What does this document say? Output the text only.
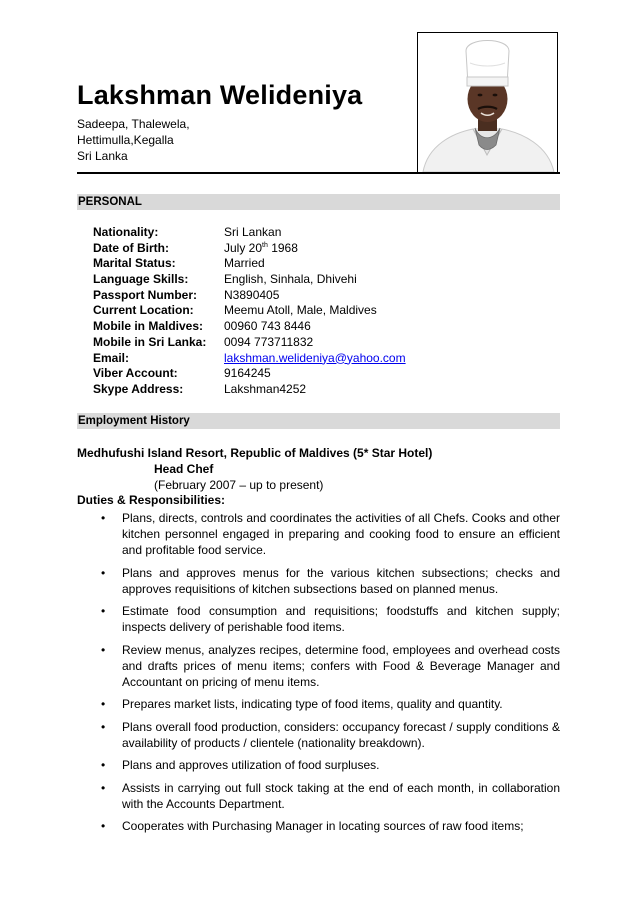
Lakshman Welideniya
Sadeepa, Thalewela,
Hettimulla,Kegalla
Sri Lanka
PERSONAL
Nationality:	Sri Lankan
Date of Birth:	July 20th 1968
Marital Status:	Married
Language Skills:	English, Sinhala, Dhivehi
Passport Number:	N3890405
Current Location:	Meemu Atoll, Male, Maldives
Mobile in Maldives:	00960 743 8446
Mobile in Sri Lanka:	0094 773711832
Email:	lakshman.welideniya@yahoo.com
Viber Account:	9164245
Skype Address:	Lakshman4252
Employment History
Medhufushi Island Resort, Republic of Maldives (5* Star Hotel)
Head Chef
(February 2007 – up to present)
Duties & Responsibilities:
• Plans, directs, controls and coordinates the activities of all Chefs. Cooks and other kitchen personnel engaged in preparing and cooking food to ensure an efficient and profitable food service.
• Plans and approves menus for the various kitchen subsections; checks and approves requisitions of kitchen subsections based on planned menus.
• Estimate food consumption and requisitions; foodstuffs and kitchen supply; inspects delivery of perishable food items.
• Review menus, analyzes recipes, determine food, employees and overhead costs and drafts prices of menu items; confers with Food & Beverage Manager and Accountant on pricing of menu items.
• Prepares market lists, indicating type of food items, quality and quantity.
• Plans overall food production, considers: occupancy forecast / supply conditions & availability of products / clientele (nationality breakdown).
• Plans and approves utilization of food surpluses.
• Assists in carrying out full stock taking at the end of each month, in collaboration with the Accounts Department.
• Cooperates with Purchasing Manager in locating sources of raw food items;
